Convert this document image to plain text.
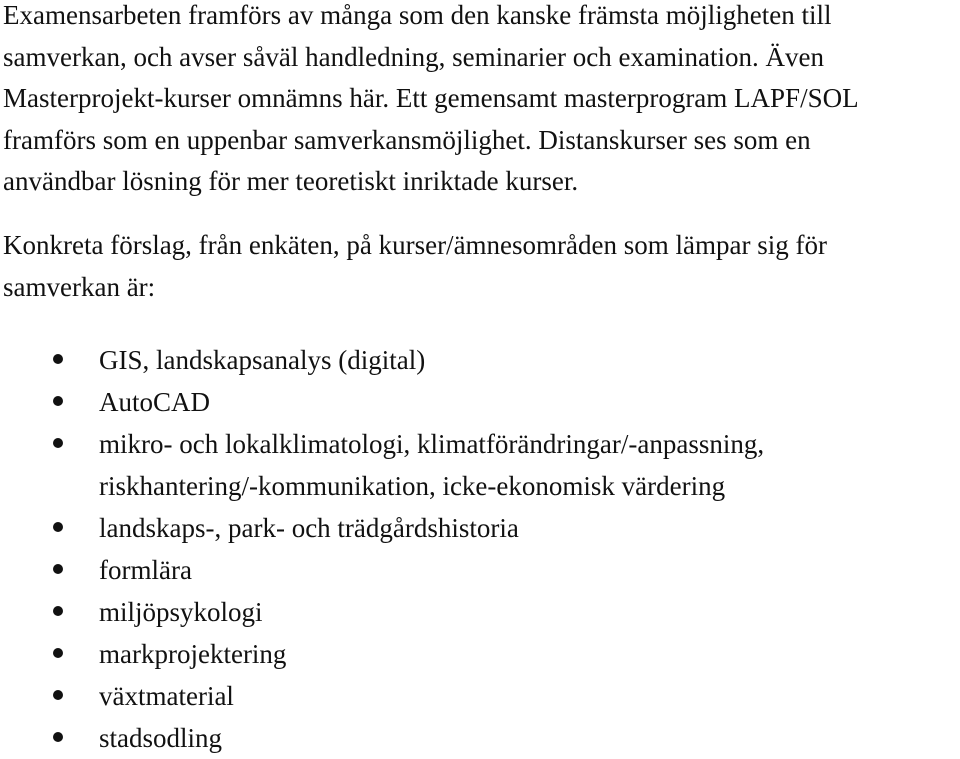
Examensarbeten framförs av många som den kanske främsta möjligheten till
samverkan, och avser såväl handledning, seminarier och examination. Även
Masterprojekt-kurser omnämns här. Ett gemensamt masterprogram LAPF/SOL
framförs som en uppenbar samverkansmöjlighet. Distanskurser ses som en
användbar lösning för mer teoretiskt inriktade kurser.

Konkreta förslag, från enkäten, på kurser/ämnesområden som lämpar sig för
samverkan är:

GIS, landskapsanalys (digital)
AutoCAD
mikro- och lokalklimatologi, klimatförändringar/-anpassning,
riskhantering/-kommunikation, icke-ekonomisk värdering
landskaps-, park- och trädgårdshistoria
formlära
miljöpsykologi
markprojektering
växtmaterial
stadsodling
